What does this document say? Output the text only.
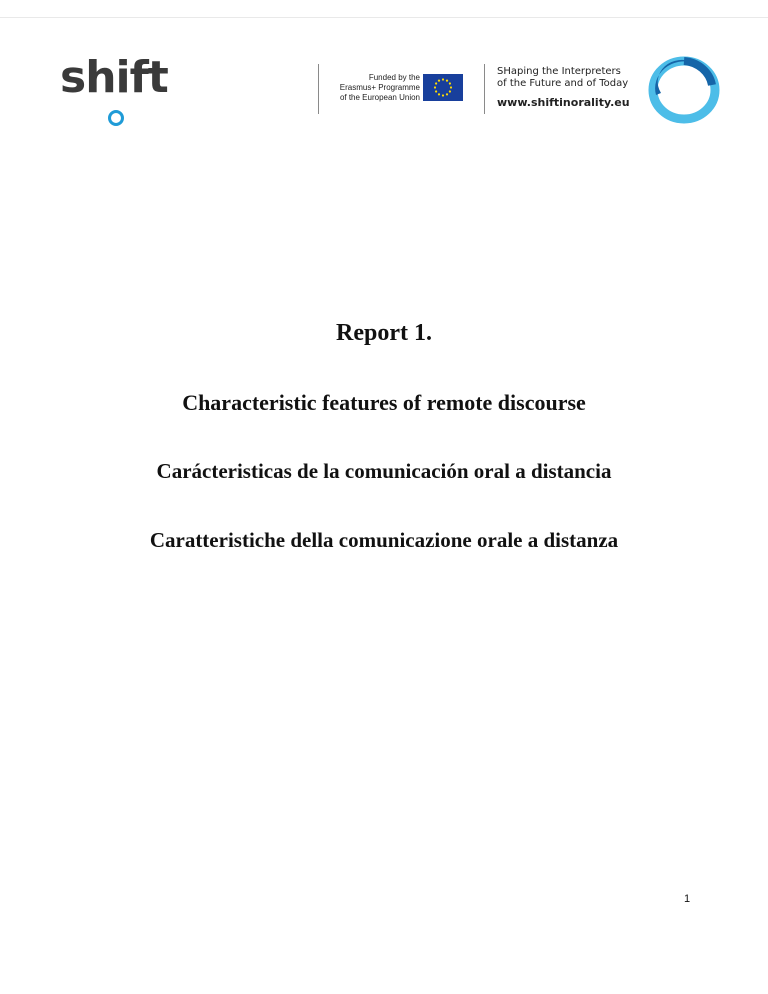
shift	Funded by the
Erasmus+ Programme
of the European Union
SHaping the Interpreters
of the Future and of Today
www.shiftinorality.eu
Report 1.
Characteristic features of remote discourse
Carácteristicas de la comunicación oral a distancia
Caratteristiche della comunicazione orale a distanza
1
